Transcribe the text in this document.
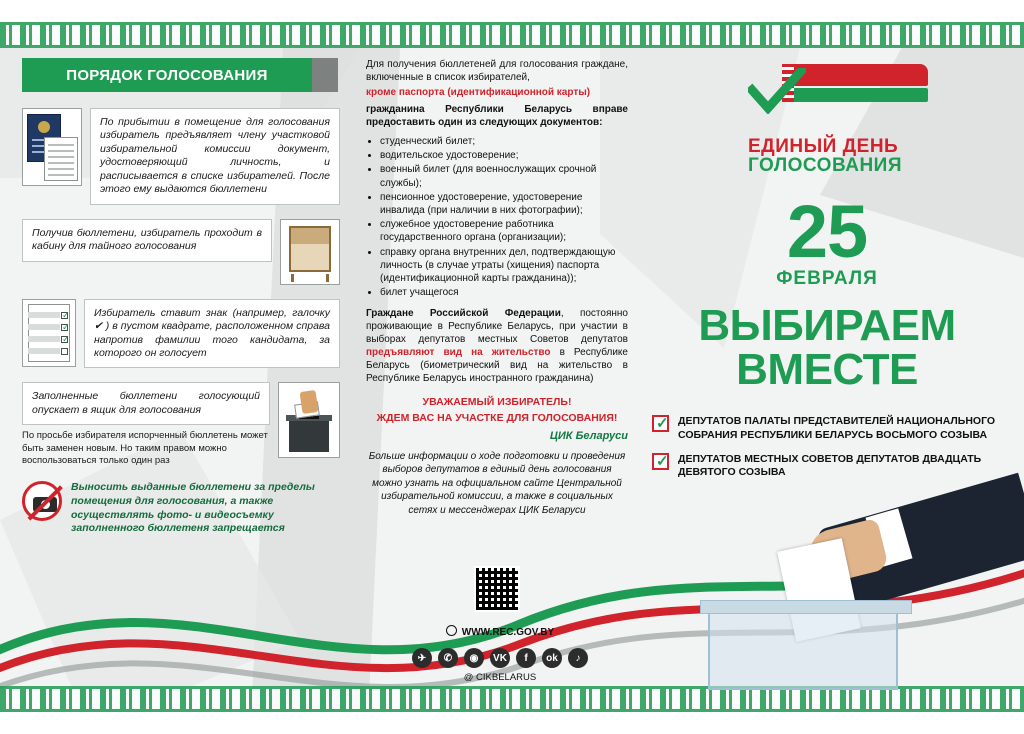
ПОРЯДОК ГОЛОСОВАНИЯ
По прибытии в помещение для голосования избиратель предъявляет члену участковой избирательной комиссии документ, удостоверяющий личность, и расписывается в списке избирателей. После этого ему выдаются бюллетени
Получив бюллетени, избиратель проходит в кабину для тайного голосования
✓
✓
✓
Избиратель ставит знак (например, галочку ✔ ) в пустом квадрате, расположенном справа напротив фамилии того кандидата, за которого он голосует
Заполненные бюллетени голосующий опускает в ящик для голосования
По просьбе избирателя испорченный бюллетень может быть заменен новым. Но таким правом можно воспользоваться только один раз

Выносить выданные бюллетени за пределы помещения для голосования, а также осуществлять фото- и видеосъемку заполненного бюллетеня запрещается

Для получения бюллетеней для голосования граждане, включенные в список избирателей,

кроме паспорта (идентификационной карты)

гражданина Республики Беларусь вправе предоставить один из следующих документов:

• студенческий билет;
• водительское удостоверение;
• военный билет (для военнослужащих срочной службы);
• пенсионное удостоверение, удостоверение инвалида (при наличии в них фотографии);
• служебное удостоверение работника государственного органа (организации);
• справку органа внутренних дел, подтверждающую личность (в случае утраты (хищения) паспорта (идентификационной карты гражданина));
• билет учащегося

Граждане Российской Федерации, постоянно проживающие в Республике Беларусь, при участии в выборах депутатов местных Советов депутатов предъявляют вид на жительство в Республике Беларусь (биометрический вид на жительство в Республике Беларусь иностранного гражданина)

УВАЖАЕМЫЙ ИЗБИРАТЕЛЬ!
ЖДЕМ ВАС НА УЧАСТКЕ ДЛЯ ГОЛОСОВАНИЯ!
ЦИК Беларуси
Больше информации о ходе подготовки и проведения выборов депутатов в единый день голосования можно узнать на официальном сайте Центральной избирательной комиссии, а также в социальных сетях и мессенджерах ЦИК Беларуси
WWW.REC.GOV.BY
✈	✆	◉	VK	f	ok	♪
@ CIKBELARUS
ЕДИНЫЙ ДЕНЬ
ГОЛОСОВАНИЯ
25
ФЕВРАЛЯ
ВЫБИРАЕМ
ВМЕСТЕ
✓

ДЕПУТАТОВ ПАЛАТЫ ПРЕДСТАВИТЕЛЕЙ НАЦИОНАЛЬНОГО СОБРАНИЯ РЕСПУБЛИКИ БЕЛАРУСЬ ВОСЬМОГО СОЗЫВА

✓

ДЕПУТАТОВ МЕСТНЫХ СОВЕТОВ ДЕПУТАТОВ ДВАДЦАТЬ ДЕВЯТОГО СОЗЫВА
